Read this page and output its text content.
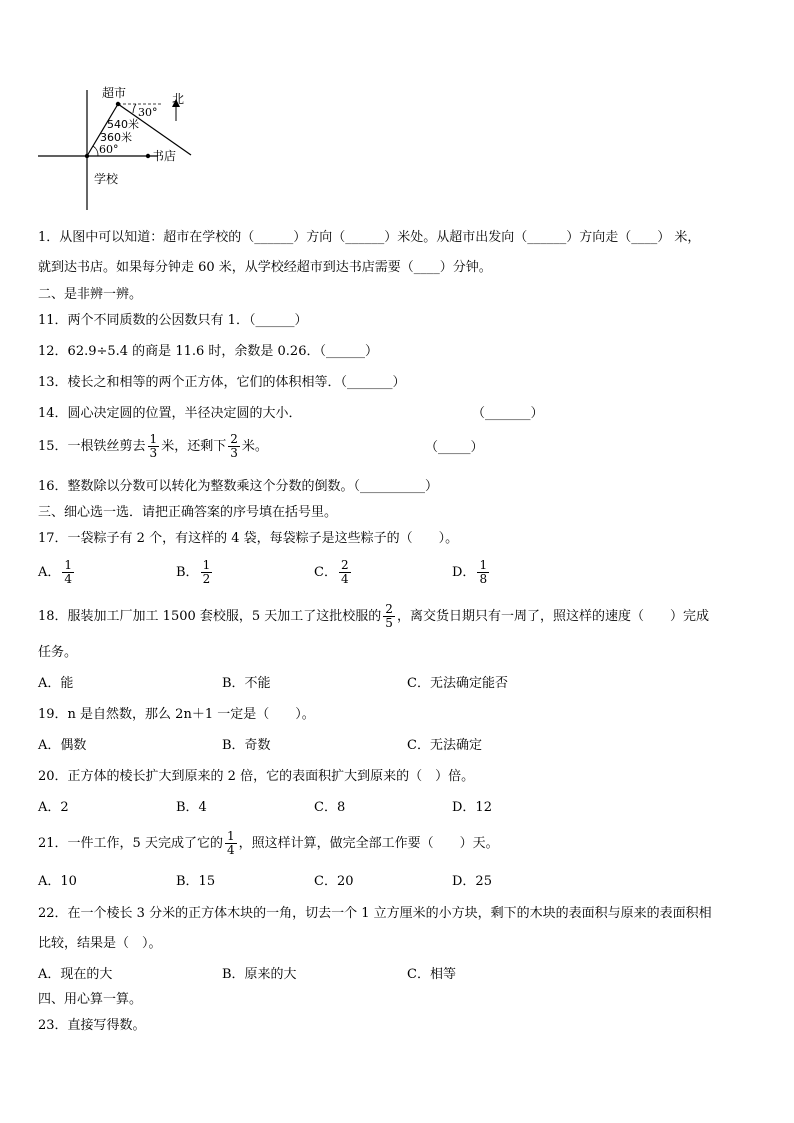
超市	北
30°
540米
360米
60°	书店
学校
1．从图中可以知道：超市在学校的（______）方向（______）米处。从超市出发向（______）方向走（____） 米，
就到达书店。如果每分钟走 60 米，从学校经超市到达书店需要（____）分钟。
二、是非辨一辨。
11．两个不同质数的公因数只有 1．（______）
12．62.9÷5.4 的商是 11.6 时，余数是 0.26．（______）
13．棱长之和相等的两个正方体，它们的体积相等．（_______）
14．圆心决定圆的位置，半径决定圆的大小．	（_______）
15．一根铁丝剪去 $\frac{1}{3}$ 米，还剩下 $\frac{2}{3}$ 米。	（_____）
16．整数除以分数可以转化为整数乘这个分数的倒数。（__________）
三、细心选一选．请把正确答案的序号填在括号里。
17．一袋粽子有 2 个，有这样的 4 袋，每袋粽子是这些粽子的（　　）。
A． $\frac{1}{4}$	B． $\frac{1}{2}$	C． $\frac{2}{4}$	D． $\frac{1}{8}$
18．服装加工厂加工 1500 套校服，5 天加工了这批校服的 $\frac{2}{5}$ ，离交货日期只有一周了，照这样的速度（　　）完成
任务。
A．能	B．不能	C．无法确定能否
19．n 是自然数，那么 2n＋1 一定是（　　）。
A．偶数	B．奇数	C．无法确定
20．正方体的棱长扩大到原来的 2 倍，它的表面积扩大到原来的（　）倍。
A．2	B．4	C．8	D．12
21．一件工作，5 天完成了它的 $\frac{1}{4}$ ，照这样计算，做完全部工作要（　　）天。
A．10	B．15	C．20	D．25
22．在一个棱长 3 分米的正方体木块的一角，切去一个 1 立方厘米的小方块，剩下的木块的表面积与原来的表面积相
比较，结果是（　）。
A．现在的大	B．原来的大	C．相等
四、用心算一算。
23．直接写得数。
